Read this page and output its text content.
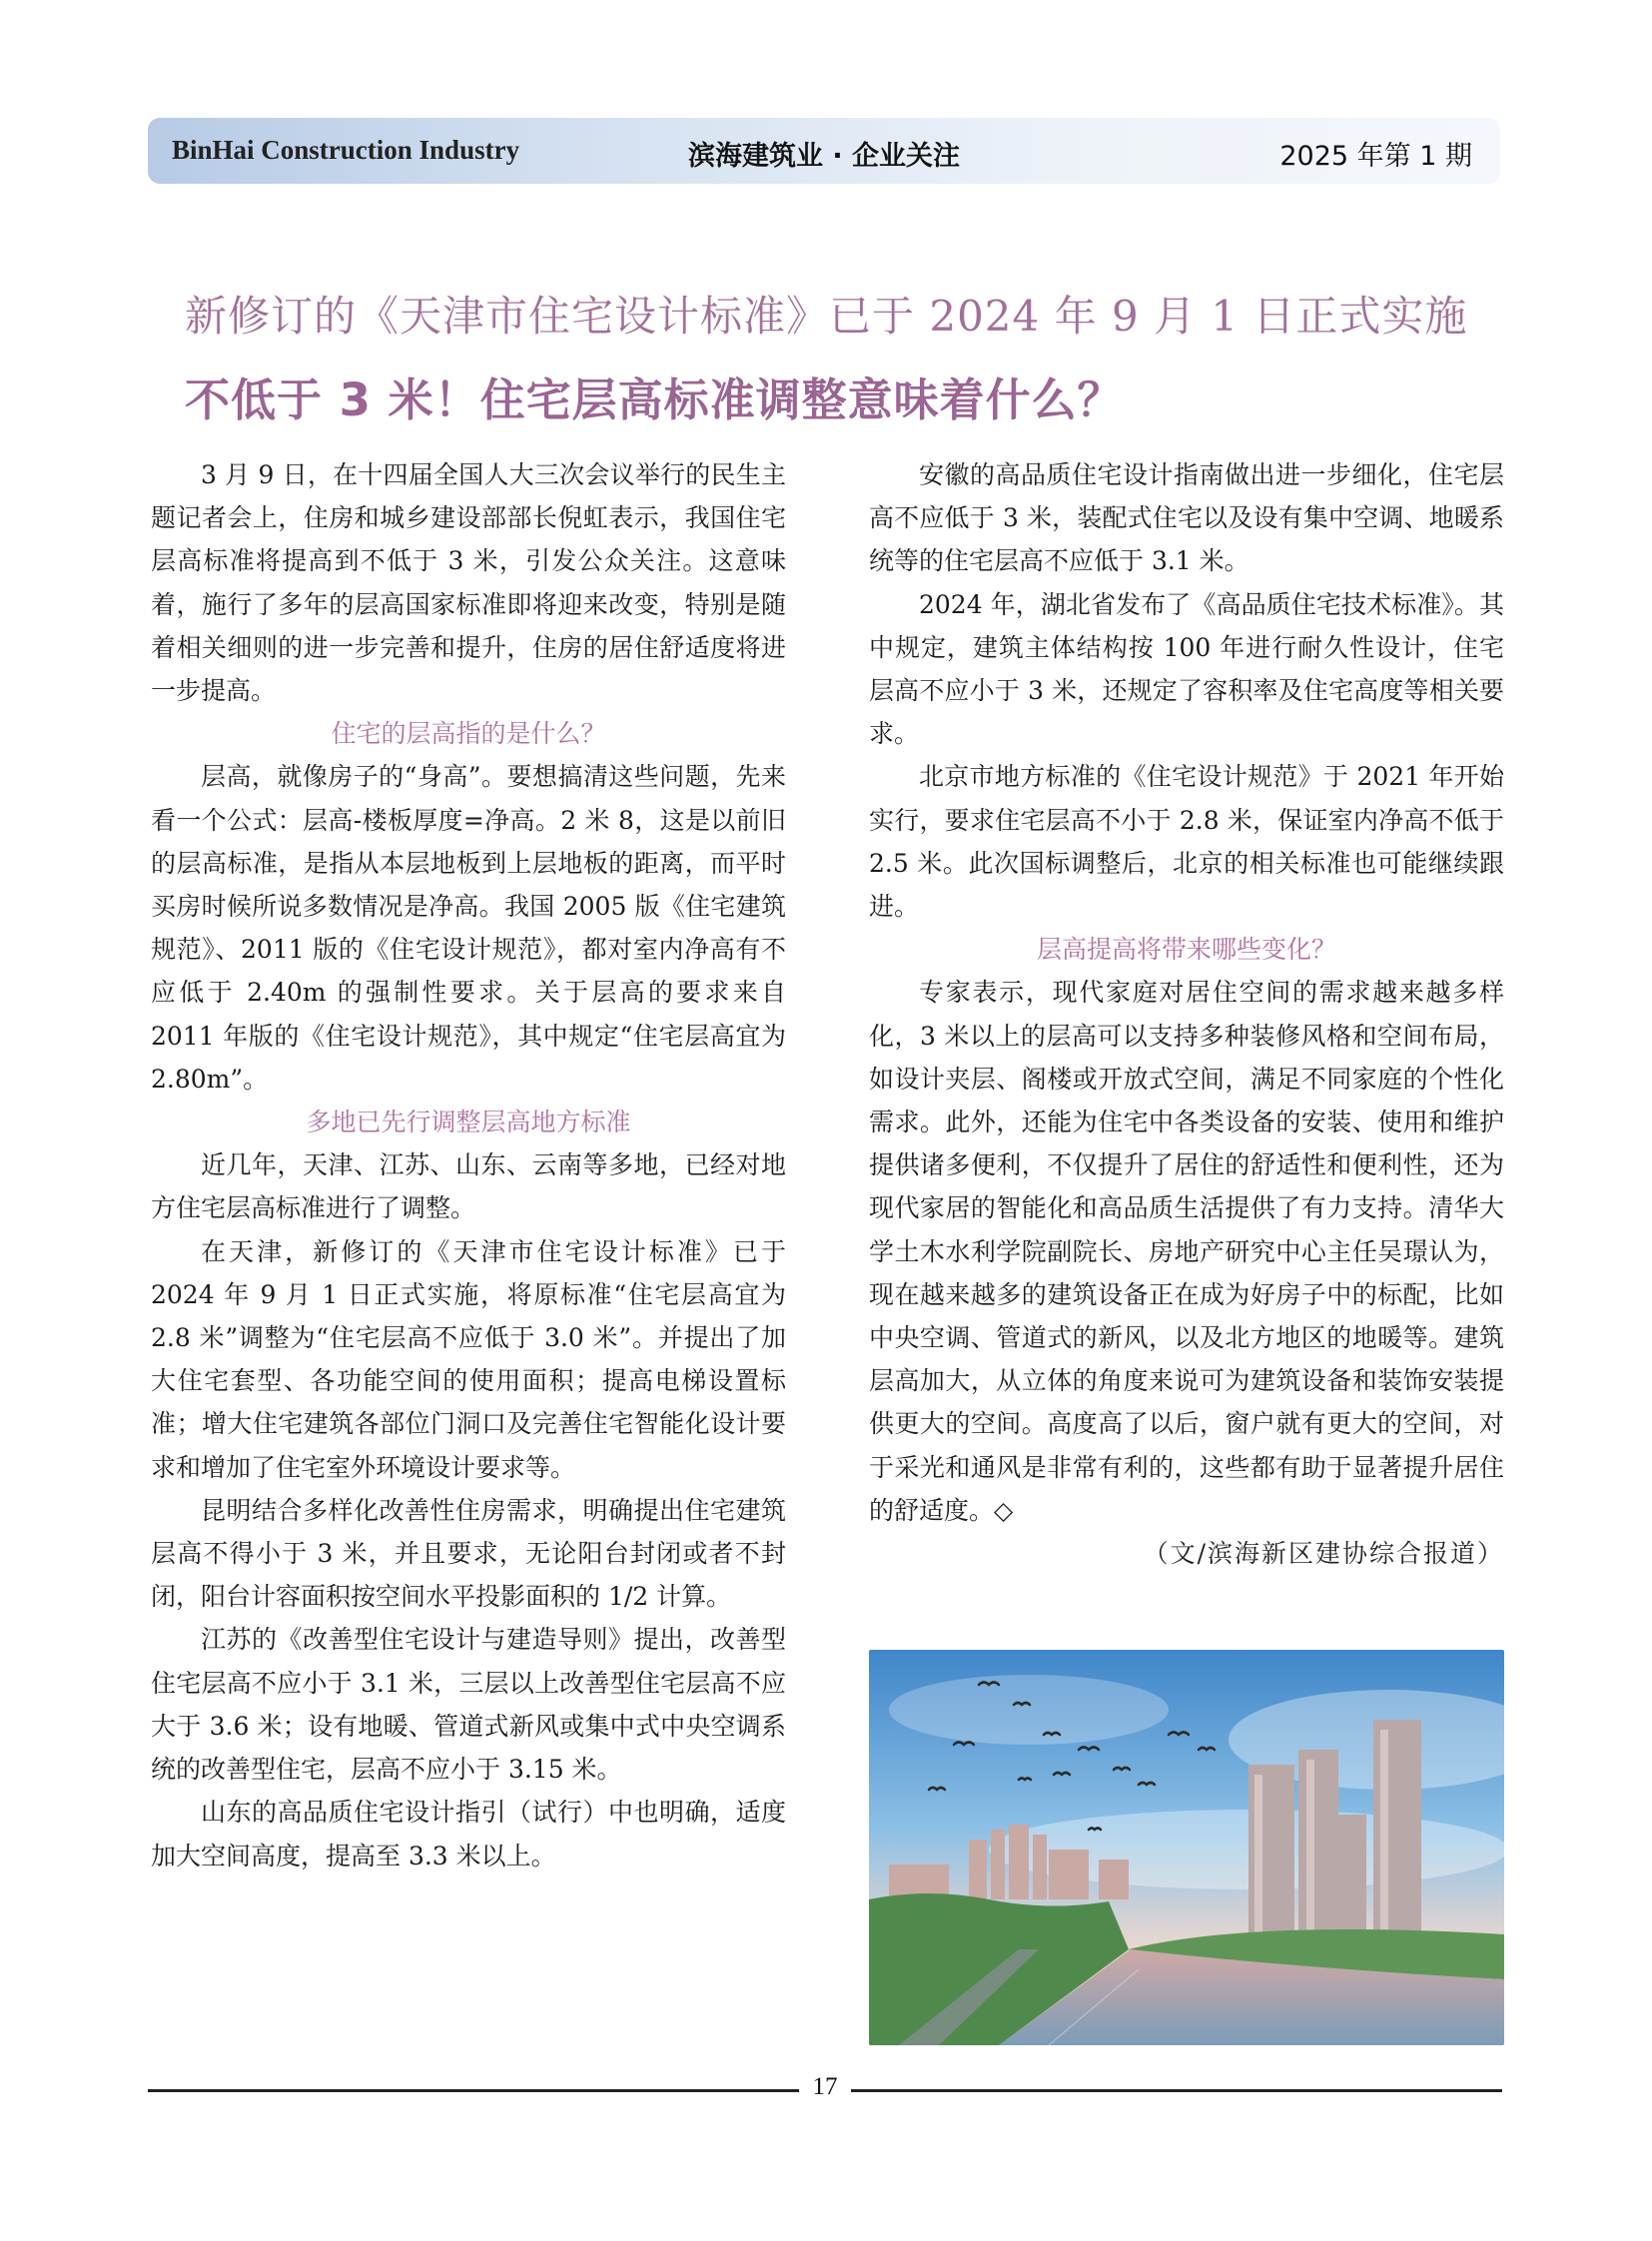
BinHai Construction Industry	滨海建筑业 · 企业关注	2025 年第 1 期
新修订的《天津市住宅设计标准》已于 2024 年 9 月 1 日正式实施
不低于 3 米！住宅层高标准调整意味着什么？

3 月 9 日，在十四届全国人大三次会议举行的民生主题记者会上，住房和城乡建设部部长倪虹表示，我国住宅层高标准将提高到不低于 3 米，引发公众关注。这意味着，施行了多年的层高国家标准即将迎来改变，特别是随着相关细则的进一步完善和提升，住房的居住舒适度将进一步提高。

住宅的层高指的是什么？

层高，就像房子的“身高”。要想搞清这些问题，先来看一个公式：层高-楼板厚度=净高。2 米 8，这是以前旧的层高标准，是指从本层地板到上层地板的距离，而平时买房时候所说多数情况是净高。我国 2005 版《住宅建筑规范》、2011 版的《住宅设计规范》，都对室内净高有不应低于 2.40m 的强制性要求。关于层高的要求来自 2011 年版的《住宅设计规范》，其中规定“住宅层高宜为 2.80m”。

多地已先行调整层高地方标准

近几年，天津、江苏、山东、云南等多地，已经对地方住宅层高标准进行了调整。

在天津，新修订的《天津市住宅设计标准》已于 2024 年 9 月 1 日正式实施，将原标准“住宅层高宜为 2.8 米”调整为“住宅层高不应低于 3.0 米”。并提出了加大住宅套型、各功能空间的使用面积；提高电梯设置标准；增大住宅建筑各部位门洞口及完善住宅智能化设计要求和增加了住宅室外环境设计要求等。

昆明结合多样化改善性住房需求，明确提出住宅建筑层高不得小于 3 米，并且要求，无论阳台封闭或者不封闭，阳台计容面积按空间水平投影面积的 1/2 计算。

江苏的《改善型住宅设计与建造导则》提出，改善型住宅层高不应小于 3.1 米，三层以上改善型住宅层高不应大于 3.6 米；设有地暖、管道式新风或集中式中央空调系统的改善型住宅，层高不应小于 3.15 米。

山东的高品质住宅设计指引（试行）中也明确，适度加大空间高度，提高至 3.3 米以上。

安徽的高品质住宅设计指南做出进一步细化，住宅层高不应低于 3 米，装配式住宅以及设有集中空调、地暖系统等的住宅层高不应低于 3.1 米。

2024 年，湖北省发布了《高品质住宅技术标准》。其中规定，建筑主体结构按 100 年进行耐久性设计，住宅层高不应小于 3 米，还规定了容积率及住宅高度等相关要求。

北京市地方标准的《住宅设计规范》于 2021 年开始实行，要求住宅层高不小于 2.8 米，保证室内净高不低于 2.5 米。此次国标调整后，北京的相关标准也可能继续跟进。

层高提高将带来哪些变化？

专家表示，现代家庭对居住空间的需求越来越多样化，3 米以上的层高可以支持多种装修风格和空间布局，如设计夹层、阁楼或开放式空间，满足不同家庭的个性化需求。此外，还能为住宅中各类设备的安装、使用和维护提供诸多便利，不仅提升了居住的舒适性和便利性，还为现代家居的智能化和高品质生活提供了有力支持。清华大学土木水利学院副院长、房地产研究中心主任吴璟认为，现在越来越多的建筑设备正在成为好房子中的标配，比如中央空调、管道式的新风，以及北方地区的地暖等。建筑层高加大，从立体的角度来说可为建筑设备和装饰安装提供更大的空间。高度高了以后，窗户就有更大的空间，对于采光和通风是非常有利的，这些都有助于显著提升居住的舒适度。◇

（文/滨海新区建协综合报道）

17
